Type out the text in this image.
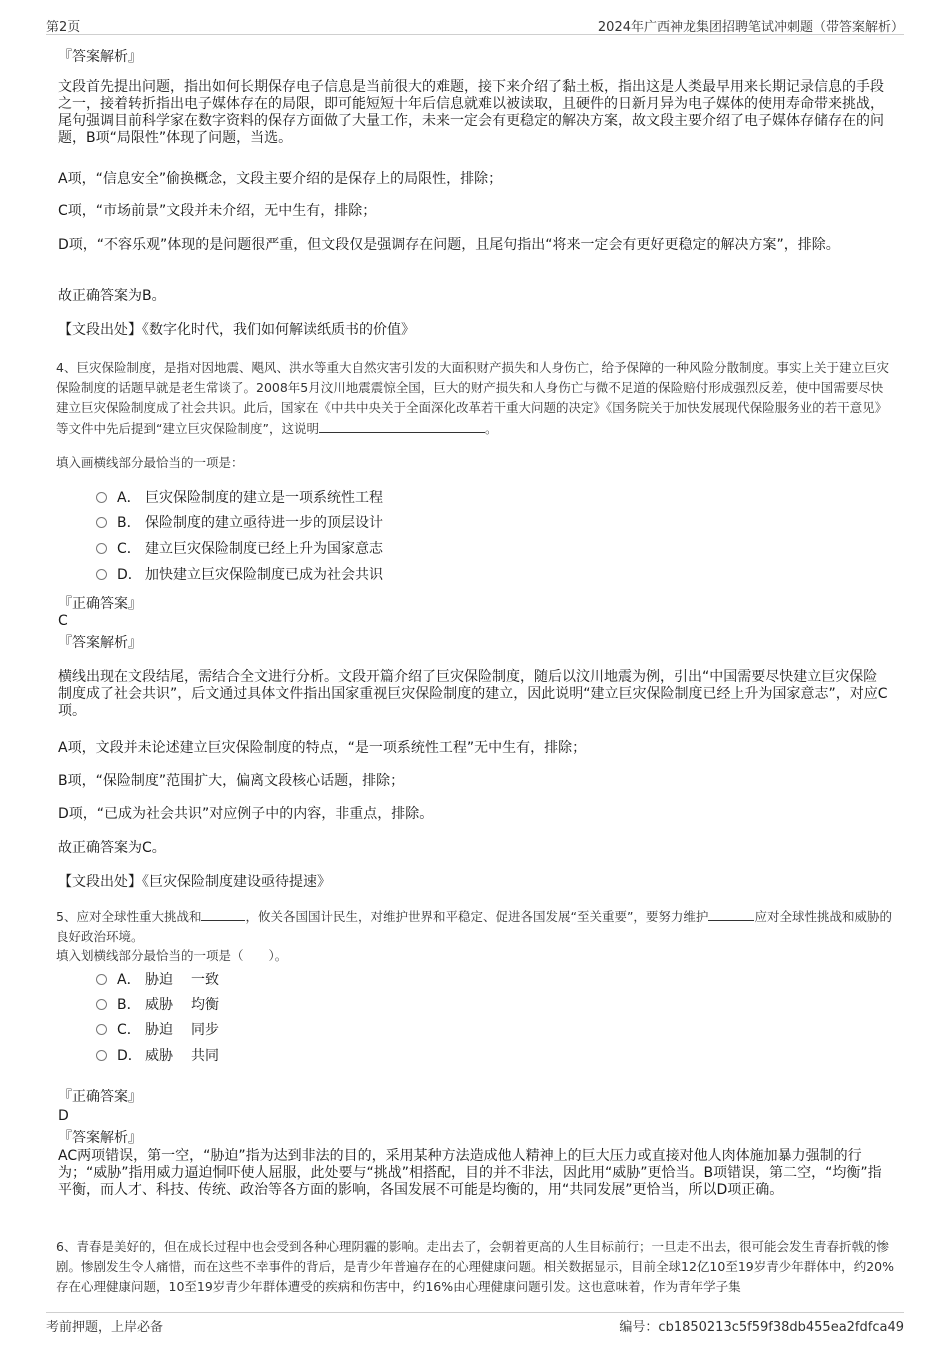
第2页	2024年广西神龙集团招聘笔试冲刺题（带答案解析）
『答案解析』
文段首先提出问题，指出如何长期保存电子信息是当前很大的难题，接下来介绍了黏土板，指出这是人类最早用来长期记录信息的手段之一，接着转折指出电子媒体存在的局限，即可能短短十年后信息就难以被读取，且硬件的日新月异为电子媒体的使用寿命带来挑战，尾句强调目前科学家在数字资料的保存方面做了大量工作，未来一定会有更稳定的解决方案，故文段主要介绍了电子媒体存储存在的问题，B项“局限性”体现了问题，当选。
A项，“信息安全”偷换概念，文段主要介绍的是保存上的局限性，排除；
C项，“市场前景”文段并未介绍，无中生有，排除；
D项，“不容乐观”体现的是问题很严重，但文段仅是强调存在问题，且尾句指出“将来一定会有更好更稳定的解决方案”，排除。
故正确答案为B。
【文段出处】《数字化时代，我们如何解读纸质书的价值》
4、巨灾保险制度，是指对因地震、飓风、洪水等重大自然灾害引发的大面积财产损失和人身伤亡，给予保障的一种风险分散制度。事实上关于建立巨灾保险制度的话题早就是老生常谈了。2008年5月汶川地震震惊全国，巨大的财产损失和人身伤亡与微不足道的保险赔付形成强烈反差，使中国需要尽快建立巨灾保险制度成了社会共识。此后，国家在《中共中央关于全面深化改革若干重大问题的决定》《国务院关于加快发展现代保险服务业的若干意见》等文件中先后提到“建立巨灾保险制度”，这说明	。
填入画横线部分最恰当的一项是：
A． 巨灾保险制度的建立是一项系统性工程
B． 保险制度的建立亟待进一步的顶层设计
C． 建立巨灾保险制度已经上升为国家意志
D． 加快建立巨灾保险制度已成为社会共识
『正确答案』
C
『答案解析』
横线出现在文段结尾，需结合全文进行分析。文段开篇介绍了巨灾保险制度，随后以汶川地震为例，引出“中国需要尽快建立巨灾保险制度成了社会共识”，后文通过具体文件指出国家重视巨灾保险制度的建立，因此说明“建立巨灾保险制度已经上升为国家意志”，对应C项。
A项，文段并未论述建立巨灾保险制度的特点，“是一项系统性工程”无中生有，排除；
B项，“保险制度”范围扩大，偏离文段核心话题，排除；
D项，“已成为社会共识”对应例子中的内容，非重点，排除。
故正确答案为C。
【文段出处】《巨灾保险制度建设亟待提速》
5、应对全球性重大挑战和	，攸关各国国计民生，对维护世界和平稳定、促进各国发展“至关重要”，要努力维护	应对全球性挑战和威胁的良好政治环境。
填入划横线部分最恰当的一项是（　　）。
A． 胁迫 一致
B． 威胁 均衡
C． 胁迫 同步
D． 威胁 共同
『正确答案』
D
『答案解析』
AC两项错误，第一空，“胁迫”指为达到非法的目的，采用某种方法造成他人精神上的巨大压力或直接对他人肉体施加暴力强制的行为；“威胁”指用威力逼迫恫吓使人屈服，此处要与“挑战”相搭配，目的并不非法，因此用“威胁”更恰当。B项错误，第二空，“均衡”指平衡，而人才、科技、传统、政治等各方面的影响，各国发展不可能是均衡的，用“共同发展”更恰当，所以D项正确。
6、青春是美好的，但在成长过程中也会受到各种心理阴霾的影响。走出去了，会朝着更高的人生目标前行；一旦走不出去，很可能会发生青春折戟的惨剧。惨剧发生令人痛惜，而在这些不幸事件的背后，是青少年普遍存在的心理健康问题。相关数据显示，目前全球12亿10至19岁青少年群体中，约20%存在心理健康问题，10至19岁青少年群体遭受的疾病和伤害中，约16%由心理健康问题引发。这也意味着，作为青年学子集
考前押题，上岸必备	编号：cb1850213c5f59f38db455ea2fdfca49
